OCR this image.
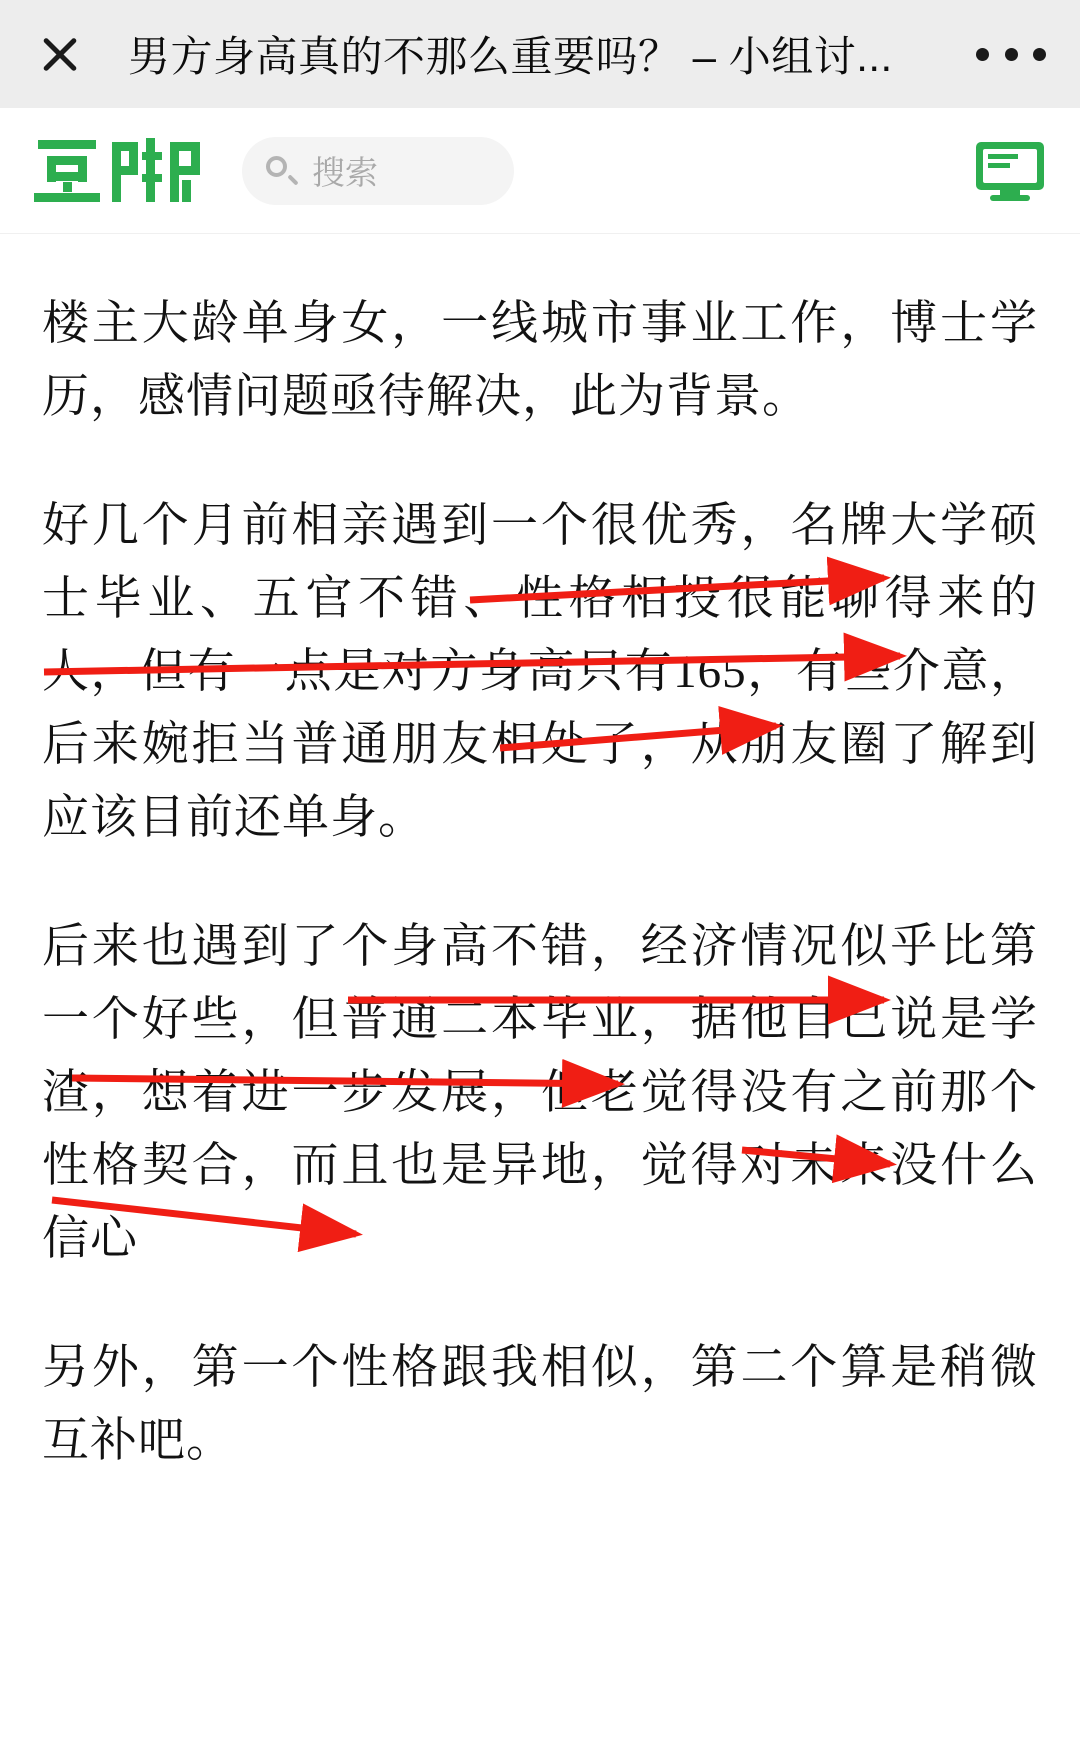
男方身高真的不那么重要吗？ – 小组讨...
搜索

楼主大龄单身女，一线城市事业工作，博士学历，感情问题亟待解决，此为背景。

好几个月前相亲遇到一个很优秀，名牌大学硕士毕业、五官不错、性格相投很能聊得来的人，但有一点是对方身高只有165，有些介意，后来婉拒当普通朋友相处了，从朋友圈了解到应该目前还单身。

后来也遇到了个身高不错，经济情况似乎比第一个好些，但普通二本毕业，据他自己说是学渣，想着进一步发展，但老觉得没有之前那个性格契合，而且也是异地，觉得对未来没什么信心

另外，第一个性格跟我相似，第二个算是稍微互补吧。
